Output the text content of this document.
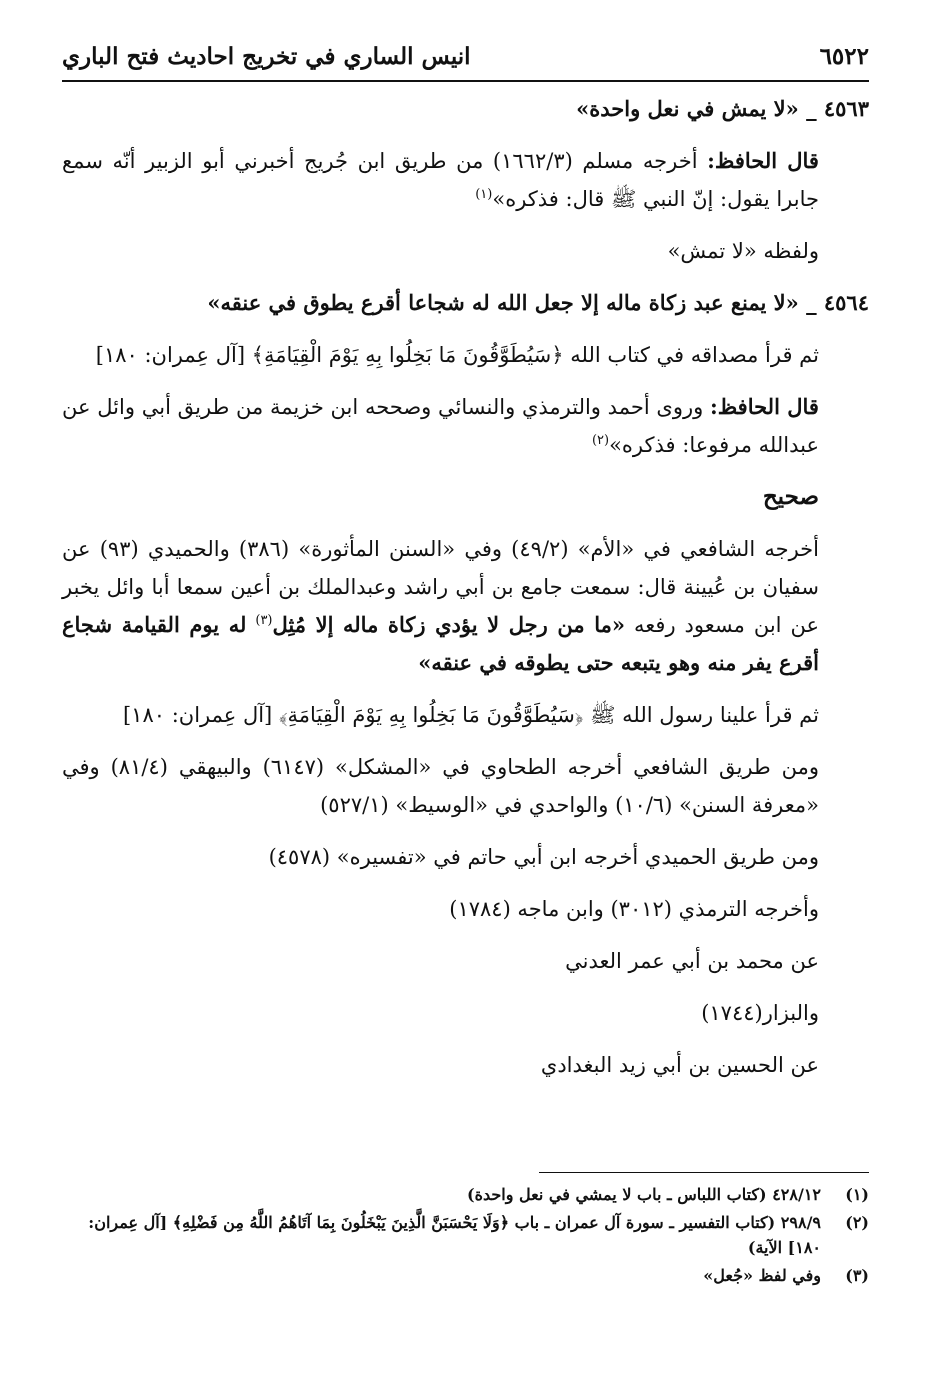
٦٥٢٢
انيس الساري في تخريج احاديث فتح الباري
٤٥٦٣ _ «لا يمش في نعل واحدة»
قال الحافظ: أخرجه مسلم (١٦٦٢/٣) من طريق ابن جُريج أخبرني أبو الزبير أنّه سمع جابرا يقول: إنّ النبي ﷺ قال: فذكره»$^{(١)}$
ولفظه «لا تمش»
٤٥٦٤ _ «لا يمنع عبد زكاة ماله إلا جعل الله له شجاعا أقرع يطوق في عنقه»
ثم قرأ مصداقه في كتاب الله ﴿سَيُطَوَّقُونَ مَا بَخِلُوا بِهِ يَوْمَ الْقِيَامَةِ﴾ [آل عِمران: ١٨٠]
قال الحافظ: وروى أحمد والترمذي والنسائي وصححه ابن خزيمة من طريق أبي وائل عن عبدالله مرفوعا: فذكره»$^{(٢)}$
صحيح
أخرجه الشافعي في «الأم» (٤٩/٢) وفي «السنن المأثورة» (٣٨٦) والحميدي (٩٣) عن سفيان بن عُيينة قال: سمعت جامع بن أبي راشد وعبدالملك بن أعين سمعا أبا وائل يخبر عن ابن مسعود رفعه «ما من رجل لا يؤدي زكاة ماله إلا مُثِل$^{(٣)}$ له يوم القيامة شجاع أقرع يفر منه وهو يتبعه حتى يطوقه في عنقه»
ثم قرأ علينا رسول الله ﷺ ﴿سَيُطَوَّقُونَ مَا بَخِلُوا بِهِ يَوْمَ الْقِيَامَةِ﴾ [آل عِمران: ١٨٠]
ومن طريق الشافعي أخرجه الطحاوي في «المشكل» (٦١٤٧) والبيهقي (٨١/٤) وفي «معرفة السنن» (١٠/٦) والواحدي في «الوسيط» (٥٢٧/١)
ومن طريق الحميدي أخرجه ابن أبي حاتم في «تفسيره» (٤٥٧٨)
وأخرجه الترمذي (٣٠١٢) وابن ماجه (١٧٨٤)
عن محمد بن أبي عمر العدني
والبزار(١٧٤٤)
عن الحسين بن أبي زيد البغدادي
(١)
٤٢٨/١٢ (كتاب اللباس ـ باب لا يمشي في نعل واحدة)
(٢)
٢٩٨/٩ (كتاب التفسير ـ سورة آل عمران ـ باب ﴿وَلَا يَحْسَبَنَّ الَّذِينَ يَبْخَلُونَ بِمَا آتَاهُمُ اللَّهُ مِن فَضْلِهِ﴾ [آل عِمران: ١٨٠] الآية)
(٣)
وفي لفظ «جُعل»
